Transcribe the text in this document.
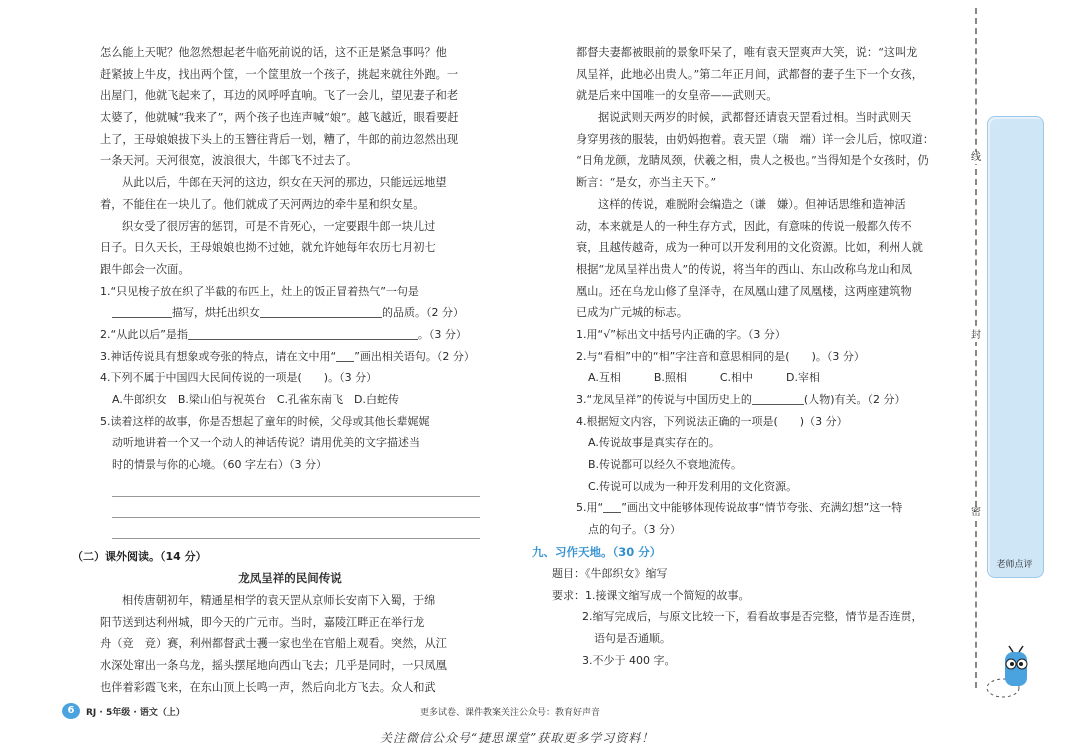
怎么能上天呢？他忽然想起老牛临死前说的话，这不正是紧急事吗？他
赶紧披上牛皮，找出两个筐，一个筐里放一个孩子，挑起来就往外跑。一
出屋门，他就飞起来了，耳边的风呼呼直响。飞了一会儿，望见妻子和老
太婆了，他就喊“我来了”，两个孩子也连声喊“娘”。越飞越近，眼看要赶
上了，王母娘娘拔下头上的玉簪往背后一划，糟了，牛郎的前边忽然出现
一条天河。天河很宽，波浪很大，牛郎飞不过去了。
从此以后，牛郎在天河的这边，织女在天河的那边，只能远远地望
着，不能住在一块儿了。他们就成了天河两边的牵牛星和织女星。
织女受了很厉害的惩罚，可是不肯死心，一定要跟牛郎一块儿过
日子。日久天长，王母娘娘也拗不过她，就允许她每年农历七月初七
跟牛郎会一次面。
1.“只见梭子放在织了半截的布匹上，灶上的饭正冒着热气”一句是
描写，烘托出织女	的品质。（2 分）
2.“从此以后”是指	。（3 分）
3.神话传说具有想象或夸张的特点，请在文中用“ ”画出相关语句。（2 分）
4.下列不属于中国四大民间传说的一项是(　　)。（3 分）
A.牛郎织女　B.梁山伯与祝英台　C.孔雀东南飞　D.白蛇传
5.读着这样的故事，你是否想起了童年的时候，父母或其他长辈娓娓
动听地讲着一个又一个动人的神话传说？请用优美的文字描述当
时的情景与你的心境。（60 字左右）（3 分）
（二）课外阅读。（14 分）
龙凤呈祥的民间传说
相传唐朝初年，精通星相学的袁天罡从京师长安南下入蜀，于绵
阳节送到达利州城，即今天的广元市。当时，嘉陵江畔正在举行龙
舟（竞　竞）赛，利州都督武士彟一家也坐在官船上观看。突然，从江
水深处窜出一条乌龙，摇头摆尾地向西山飞去；几乎是同时，一只凤凰
也伴着彩霞飞来，在东山顶上长鸣一声，然后向北方飞去。众人和武
都督夫妻都被眼前的景象吓呆了，唯有袁天罡爽声大笑，说：“这叫龙
凤呈祥，此地必出贵人。”第二年正月间，武都督的妻子生下一个女孩，
就是后来中国唯一的女皇帝——武则天。
据说武则天两岁的时候，武都督还请袁天罡看过相。当时武则天
身穿男孩的服装，由奶妈抱着。袁天罡（瑞　端）详一会儿后，惊叹道：
“日角龙颜，龙睛凤颈，伏羲之相，贵人之极也。”当得知是个女孩时，仍
断言：“是女，亦当主天下。”
这样的传说，难脱附会编造之（谦　嫌）。但神话思维和造神活
动，本来就是人的一种生存方式，因此，有意味的传说一般都久传不
衰，且越传越奇，成为一种可以开发利用的文化资源。比如，利州人就
根据“龙凤呈祥出贵人”的传说，将当年的西山、东山改称乌龙山和凤
凰山。还在乌龙山修了皇泽寺，在凤凰山建了凤凰楼，这两座建筑物
已成为广元城的标志。
1.用“√”标出文中括号内正确的字。（3 分）
2.与“看相”中的“相”字注音和意思相同的是(　　)。（3 分）
A.互相　　　B.照相　　　C.相中　　　D.宰相
3.“龙凤呈祥”的传说与中国历史上的	(人物)有关。（2 分）
4.根据短文内容，下列说法正确的一项是(　　)（3 分）
A.传说故事是真实存在的。
B.传说都可以经久不衰地流传。
C.传说可以成为一种开发利用的文化资源。
5.用“ ”画出文中能够体现传说故事“情节夸张、充满幻想”这一特
点的句子。（3 分）
九、习作天地。（30 分）
题目：《牛郎织女》缩写
要求：1.接课文缩写成一个简短的故事。
2.缩写完成后，与原文比较一下，看看故事是否完整，情节是否连贯，
语句是否通顺。
3.不少于 400 字。
线
封
密
老师点评
6	RJ · 5年级 · 语文（上）	更多试卷、课件教案关注公众号：教育好声音
关注微信公众号“捷思课堂”获取更多学习资料！
